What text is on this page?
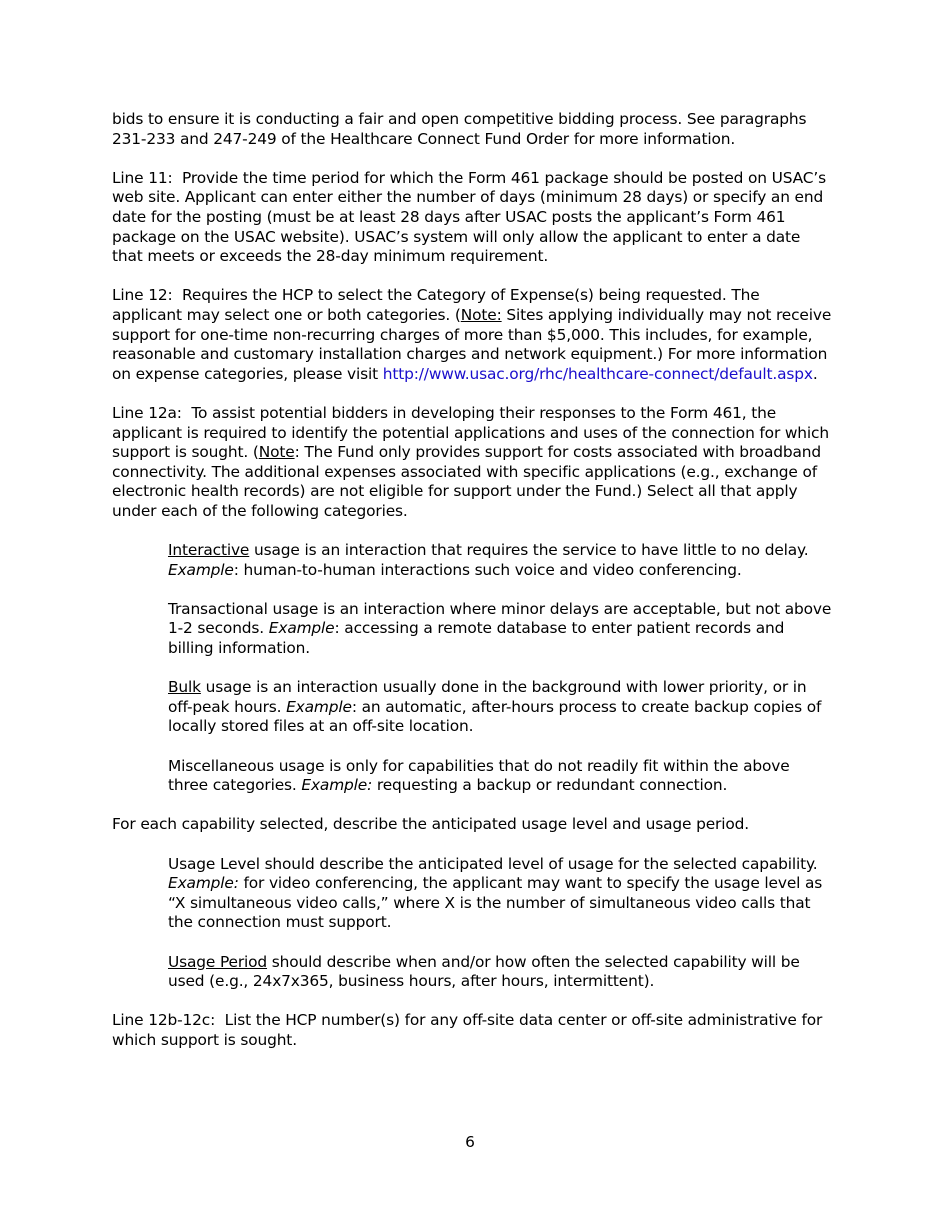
bids to ensure it is conducting a fair and open competitive bidding process. See paragraphs 231-233 and 247-249 of the Healthcare Connect Fund Order for more information.

Line 11: Provide the time period for which the Form 461 package should be posted on USAC’s web site. Applicant can enter either the number of days (minimum 28 days) or specify an end date for the posting (must be at least 28 days after USAC posts the applicant’s Form 461 package on the USAC website). USAC’s system will only allow the applicant to enter a date that meets or exceeds the 28-day minimum requirement.

Line 12: Requires the HCP to select the Category of Expense(s) being requested. The applicant may select one or both categories. (Note: Sites applying individually may not receive support for one-time non-recurring charges of more than $5,000. This includes, for example, reasonable and customary installation charges and network equipment.) For more information on expense categories, please visit http://www.usac.org/rhc/healthcare-connect/default.aspx.

Line 12a: To assist potential bidders in developing their responses to the Form 461, the applicant is required to identify the potential applications and uses of the connection for which support is sought. (Note: The Fund only provides support for costs associated with broadband connectivity. The additional expenses associated with specific applications (e.g., exchange of electronic health records) are not eligible for support under the Fund.) Select all that apply under each of the following categories.

Interactive usage is an interaction that requires the service to have little to no delay.
Example: human-to-human interactions such voice and video conferencing.

Transactional usage is an interaction where minor delays are acceptable, but not above 1-2 seconds. Example: accessing a remote database to enter patient records and billing information.

Bulk usage is an interaction usually done in the background with lower priority, or in off-peak hours. Example: an automatic, after-hours process to create backup copies of locally stored files at an off-site location.

Miscellaneous usage is only for capabilities that do not readily fit within the above three categories. Example: requesting a backup or redundant connection.

For each capability selected, describe the anticipated usage level and usage period.

Usage Level should describe the anticipated level of usage for the selected capability.
Example: for video conferencing, the applicant may want to specify the usage level as “X simultaneous video calls,” where X is the number of simultaneous video calls that the connection must support.

Usage Period should describe when and/or how often the selected capability will be used (e.g., 24x7x365, business hours, after hours, intermittent).

Line 12b-12c: List the HCP number(s) for any off-site data center or off-site administrative for which support is sought.

6
